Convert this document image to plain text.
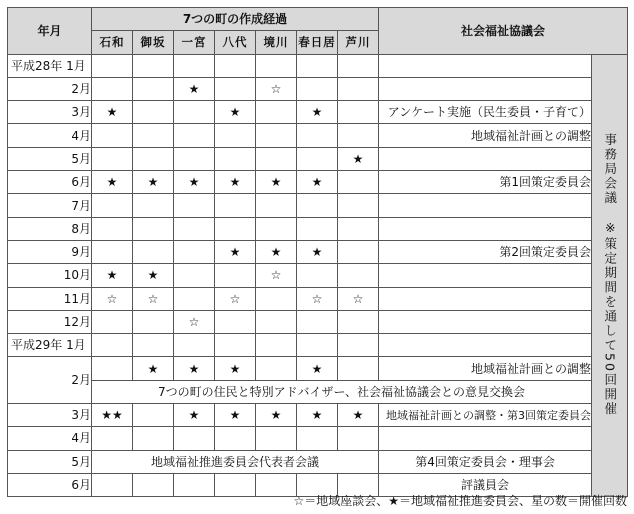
年月	7つの町の作成経過							社会福祉協議会	
	石和	御坂	一宮	八代	境川	春日居	芦川		
平成28年 1月									事務局会議　※策定期間を通して50回開催
2月			★		☆				
3月	★			★		★		アンケート実施（民生委員・子育て）	
4月								地域福祉計画との調整	
5月							★		
6月	★	★	★	★	★	★		第1回策定委員会	
7月									
8月									
9月				★	★	★		第2回策定委員会	
10月	★	★			☆				
11月	☆	☆		☆		☆	☆		
12月			☆						
平成29年 1月									
2月		★	★	★		★		地域福祉計画との調整	
	7つの町の住民と特別アドバイザー、社会福祉協議会との意見交換会								
3月	★★		★	★	★	★	★	地域福祉計画との調整・第3回策定委員会	
4月									
5月	地域福祉推進委員会代表者会議							第4回策定委員会・理事会	
6月								評議員会	
☆＝地域座談会、★＝地域福祉推進委員会、星の数＝開催回数
